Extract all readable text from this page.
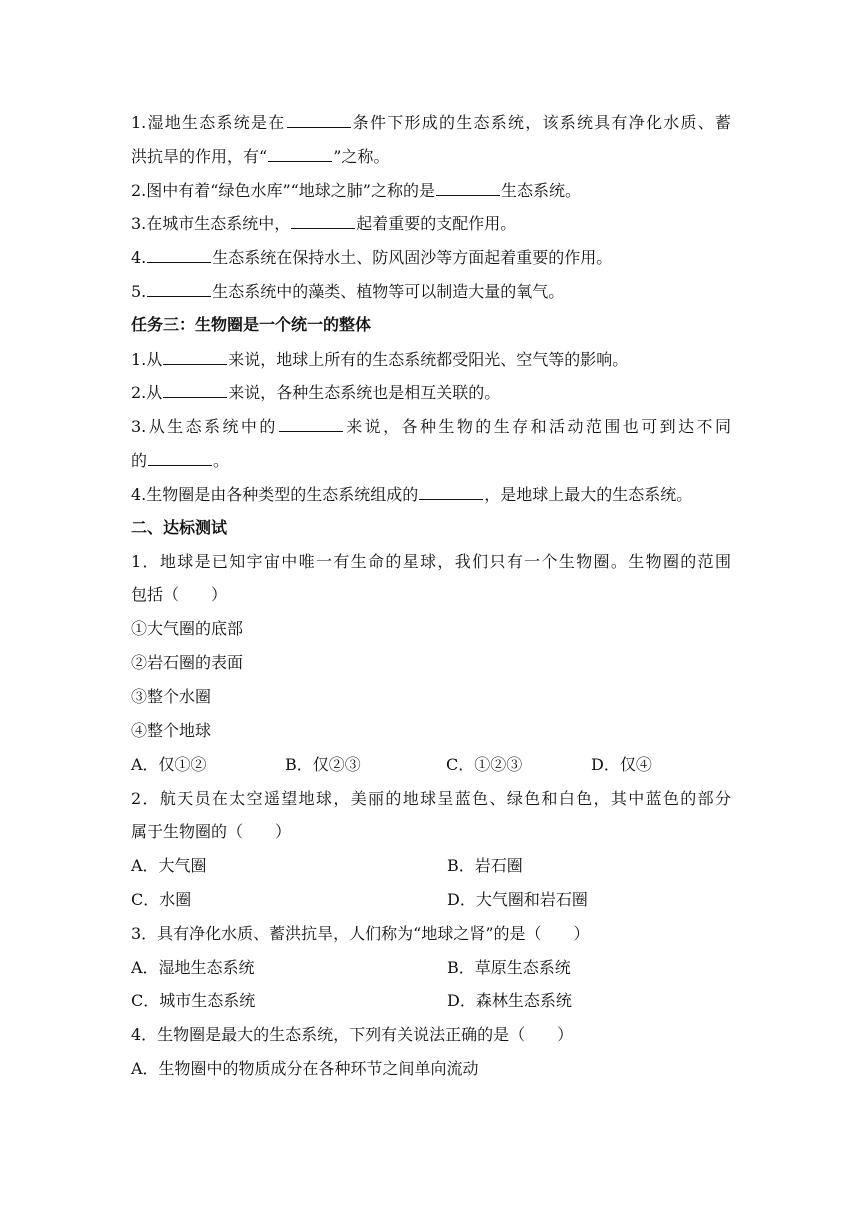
1.湿地生态系统是在	条件下形成的生态系统，该系统具有净化水质、蓄
洪抗旱的作用，有“	”之称。
2.图中有着“绿色水库”“地球之肺”之称的是	生态系统。
3.在城市生态系统中，	起着重要的支配作用。
4.	生态系统在保持水土、防风固沙等方面起着重要的作用。
5.	生态系统中的藻类、植物等可以制造大量的氧气。
任务三：生物圈是一个统一的整体
1.从	来说，地球上所有的生态系统都受阳光、空气等的影响。
2.从	来说，各种生态系统也是相互关联的。
3.从生态系统中的	来说，各种生物的生存和活动范围也可到达不同
的	。
4.生物圈是由各种类型的生态系统组成的	，是地球上最大的生态系统。
二、达标测试
1．地球是已知宇宙中唯一有生命的星球，我们只有一个生物圈。生物圈的范围
包括（　　）
①大气圈的底部
②岩石圈的表面
③整个水圈
④整个地球
A．仅①②	B．仅②③	C．①②③	D．仅④
2．航天员在太空遥望地球，美丽的地球呈蓝色、绿色和白色，其中蓝色的部分
属于生物圈的（　　）
A．大气圈	B．岩石圈
C．水圈	D．大气圈和岩石圈
3．具有净化水质、蓄洪抗旱，人们称为“地球之肾”的是（　　）
A．湿地生态系统	B．草原生态系统
C．城市生态系统	D．森林生态系统
4．生物圈是最大的生态系统，下列有关说法正确的是（　　）
A．生物圈中的物质成分在各种环节之间单向流动
